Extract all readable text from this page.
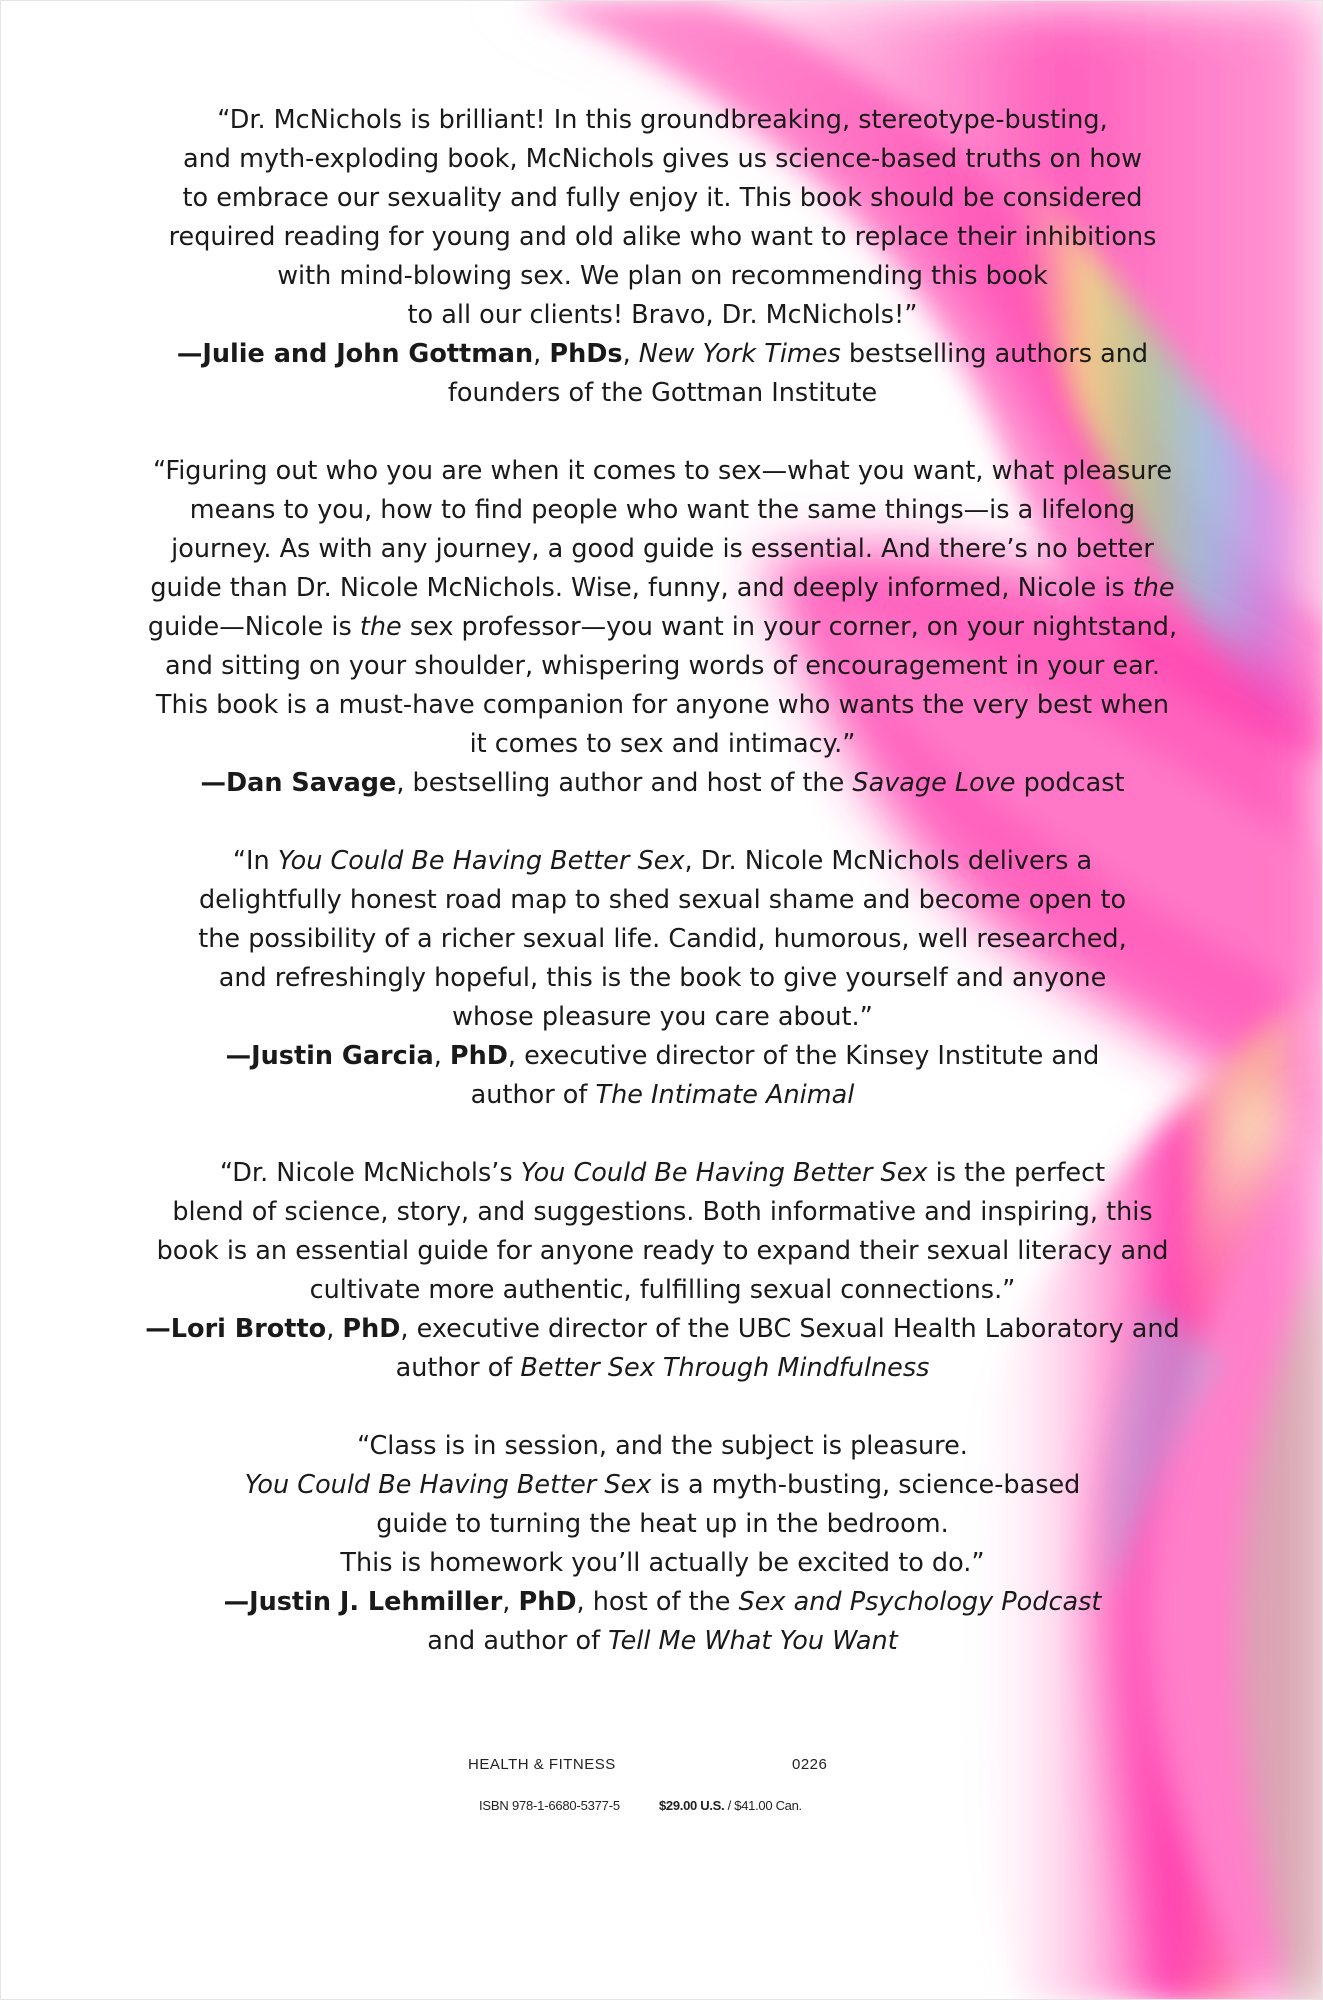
“Dr. McNichols is brilliant! In this groundbreaking, stereotype-busting,
and myth-exploding book, McNichols gives us science-based truths on how
to embrace our sexuality and fully enjoy it. This book should be considered
required reading for young and old alike who want to replace their inhibitions
with mind-blowing sex. We plan on recommending this book
to all our clients! Bravo, Dr. McNichols!”

—Julie and John Gottman, PhDs, New York Times bestselling authors and
founders of the Gottman Institute

“Figuring out who you are when it comes to sex—what you want, what pleasure
means to you, how to find people who want the same things—is a lifelong
journey. As with any journey, a good guide is essential. And there’s no better
guide than Dr. Nicole McNichols. Wise, funny, and deeply informed, Nicole is the
guide—Nicole is the sex professor—you want in your corner, on your nightstand,
and sitting on your shoulder, whispering words of encouragement in your ear.
This book is a must-have companion for anyone who wants the very best when
it comes to sex and intimacy.”

—Dan Savage, bestselling author and host of the Savage Love podcast

“In You Could Be Having Better Sex, Dr. Nicole McNichols delivers a
delightfully honest road map to shed sexual shame and become open to
the possibility of a richer sexual life. Candid, humorous, well researched,
and refreshingly hopeful, this is the book to give yourself and anyone
whose pleasure you care about.”

—Justin Garcia, PhD, executive director of the Kinsey Institute and
author of The Intimate Animal

“Dr. Nicole McNichols’s You Could Be Having Better Sex is the perfect
blend of science, story, and suggestions. Both informative and inspiring, this
book is an essential guide for anyone ready to expand their sexual literacy and
cultivate more authentic, fulfilling sexual connections.”

—Lori Brotto, PhD, executive director of the UBC Sexual Health Laboratory and
author of Better Sex Through Mindfulness

“Class is in session, and the subject is pleasure.
You Could Be Having Better Sex is a myth-busting, science-based
guide to turning the heat up in the bedroom.
This is homework you’ll actually be excited to do.”

—Justin J. Lehmiller, PhD, host of the Sex and Psychology Podcast
and author of Tell Me What You Want

HEALTH & FITNESS	0226
ISBN 978-1-6680-5377-5	$29.00 U.S. / $41.00 Can.
